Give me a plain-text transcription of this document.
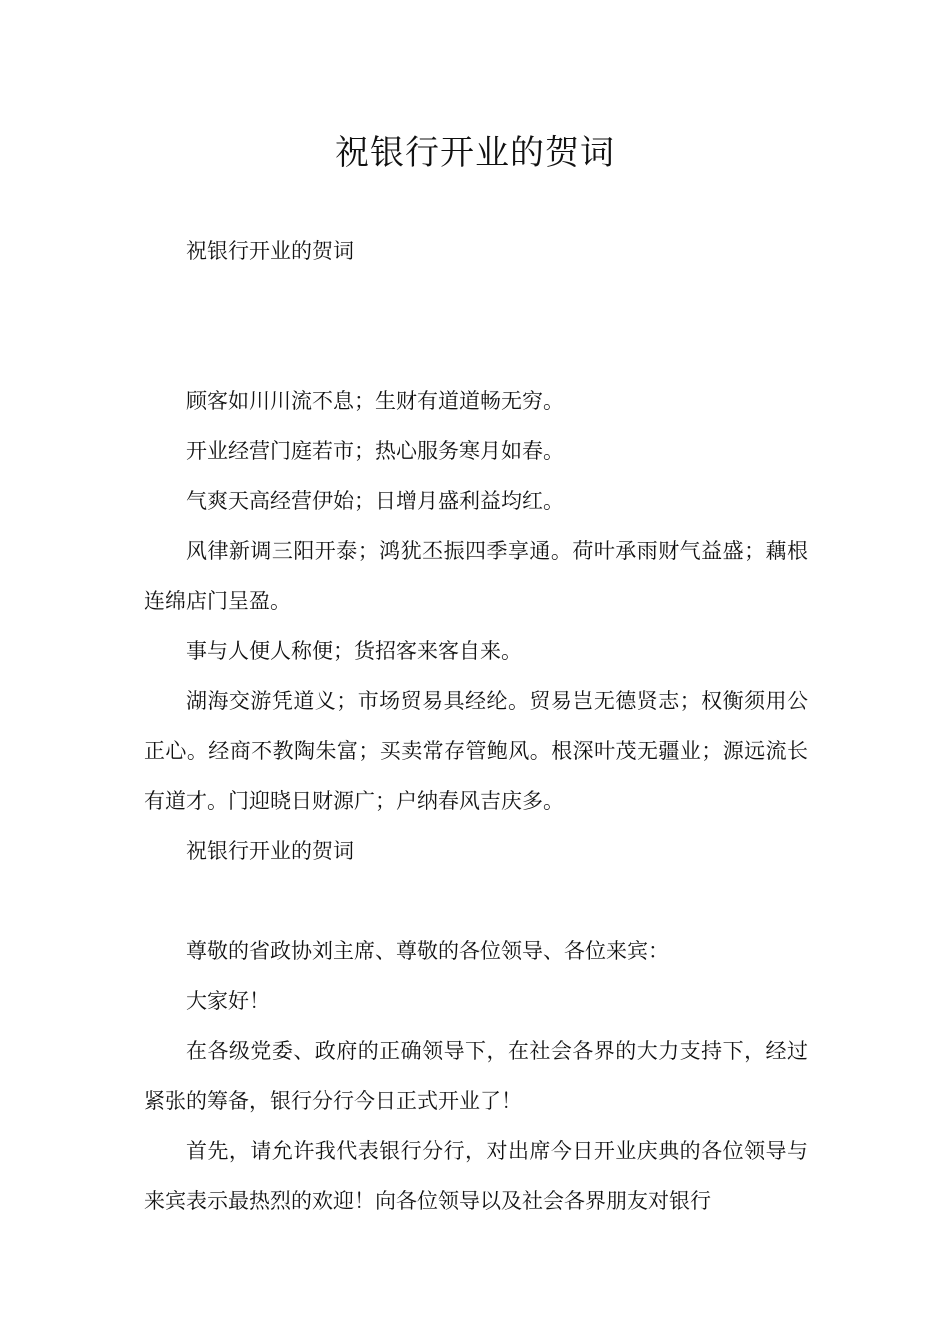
祝银行开业的贺词

祝银行开业的贺词

顾客如川川流不息；生财有道道畅无穷。

开业经营门庭若市；热心服务寒月如春。

气爽天高经营伊始；日增月盛利益均红。

风律新调三阳开泰；鸿犹丕振四季享通。荷叶承雨财气益盛；藕根连绵店门呈盈。

事与人便人称便；货招客来客自来。

湖海交游凭道义；市场贸易具经纶。贸易岂无德贤志；权衡须用公正心。经商不教陶朱富；买卖常存管鲍风。根深叶茂无疆业；源远流长有道才。门迎晓日财源广；户纳春风吉庆多。

祝银行开业的贺词

尊敬的省政协刘主席、尊敬的各位领导、各位来宾：

大家好！

在各级党委、政府的正确领导下，在社会各界的大力支持下，经过紧张的筹备，银行分行今日正式开业了！

首先，请允许我代表银行分行，对出席今日开业庆典的各位领导与来宾表示最热烈的欢迎！向各位领导以及社会各界朋友对银行
